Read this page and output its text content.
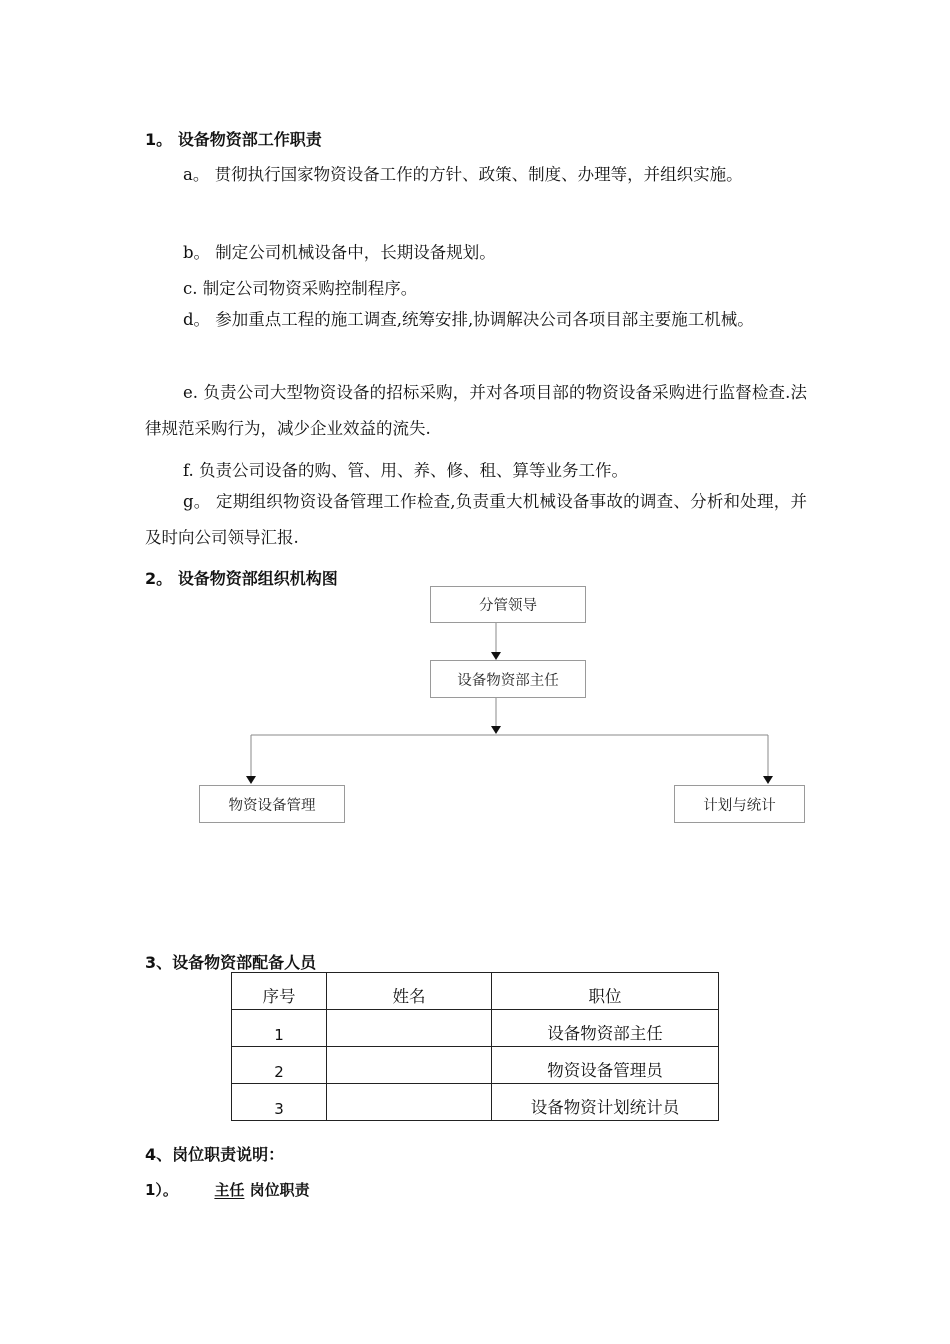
1。 设备物资部工作职责
a。 贯彻执行国家物资设备工作的方针、政策、制度、办理等，并组织实施。
b。 制定公司机械设备中，长期设备规划。
c. 制定公司物资采购控制程序。
d。 参加重点工程的施工调查,统筹安排,协调解决公司各项目部主要施工机械。
e. 负责公司大型物资设备的招标采购，并对各项目部的物资设备采购进行监督检查.法律规范采购行为，减少企业效益的流失.
f. 负责公司设备的购、管、用、养、修、租、算等业务工作。
g。 定期组织物资设备管理工作检查,负责重大机械设备事故的调查、分析和处理，并及时向公司领导汇报.
2。 设备物资部组织机构图
分管领导
设备物资部主任
物资设备管理	计划与统计
3、设备物资部配备人员
序号	姓名	职位
1		设备物资部主任
2		物资设备管理员
3		设备物资计划统计员
4、岗位职责说明：
1）。 主任 岗位职责
